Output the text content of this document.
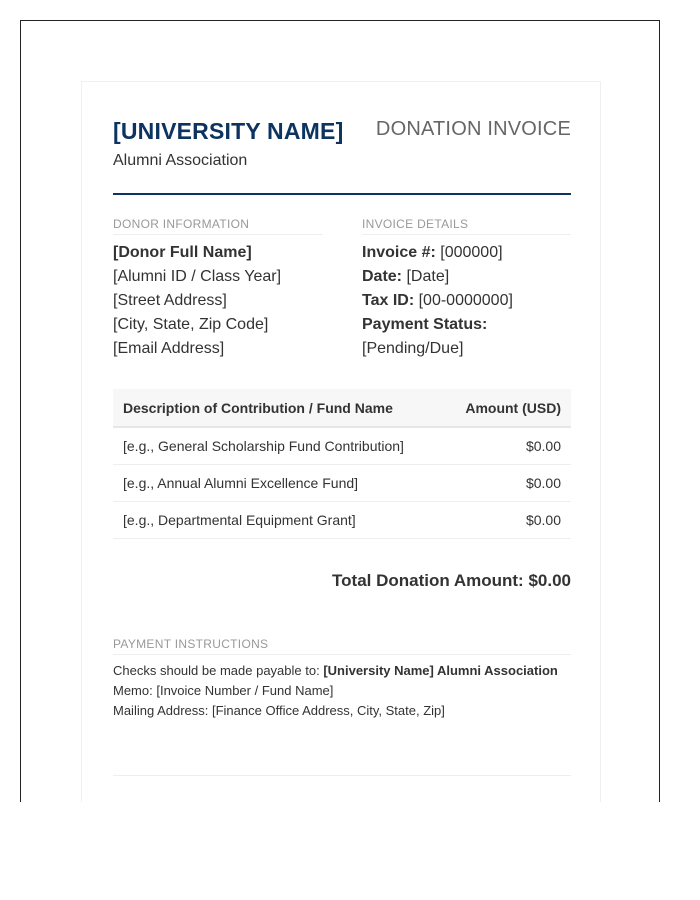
[UNIVERSITY NAME]
Alumni Association
DONATION INVOICE
DONOR INFORMATION
[Donor Full Name]
[Alumni ID / Class Year]
[Street Address]
[City, State, Zip Code]
[Email Address]
INVOICE DETAILS
Invoice #: [000000]
Date: [Date]
Tax ID: [00-0000000]
Payment Status:
[Pending/Due]
Description of Contribution / Fund Name	Amount (USD)
[e.g., General Scholarship Fund Contribution]	$0.00
[e.g., Annual Alumni Excellence Fund]	$0.00
[e.g., Departmental Equipment Grant]	$0.00
Total Donation Amount: $0.00
PAYMENT INSTRUCTIONS
Checks should be made payable to: [University Name] Alumni Association
Memo: [Invoice Number / Fund Name]
Mailing Address: [Finance Office Address, City, State, Zip]
